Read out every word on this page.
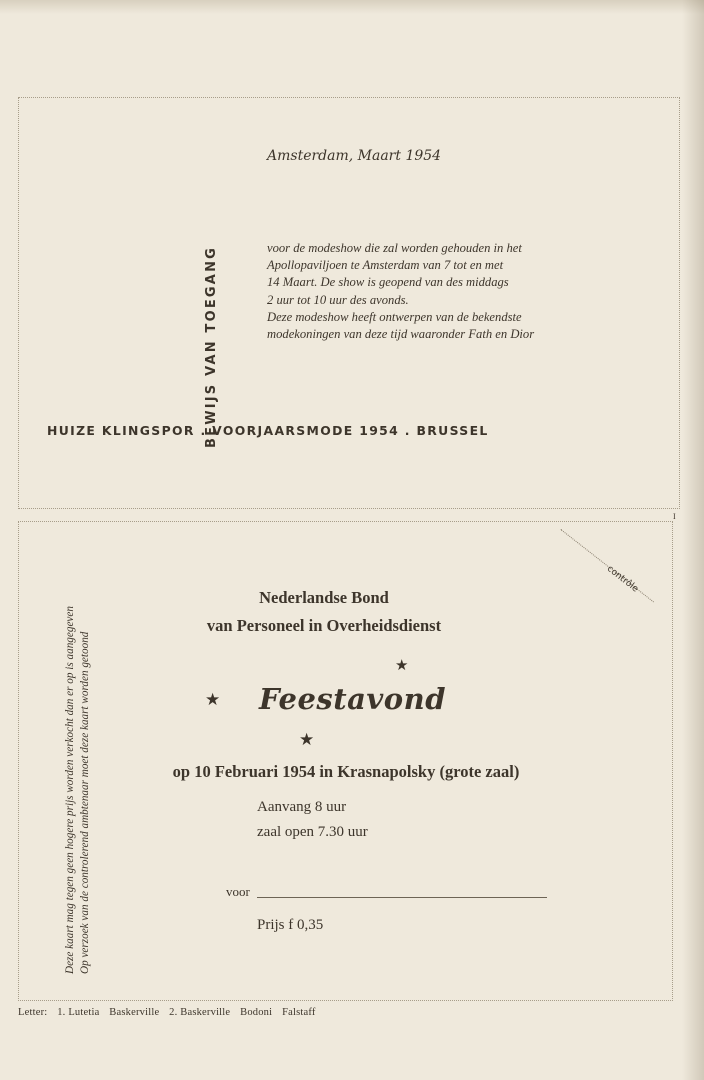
BEWIJS VAN TOEGANG
Amsterdam, Maart 1954
voor de modeshow die zal worden gehouden in het
Apollopaviljoen te Amsterdam van 7 tot en met
14 Maart. De show is geopend van des middags
2 uur tot 10 uur des avonds.
Deze modeshow heeft ontwerpen van de bekendste
modekoningen van deze tijd waaronder Fath en Dior
HUIZE KLINGSPOR . VOORJAARSMODE 1954 . BRUSSEL
I
Deze kaart mag tegen geen hogere prijs worden verkocht dan er op is aangegeven Op verzoek van de controlerend ambtenaar moet deze kaart worden getoond
contrôle
Nederlandse Bond
van Personeel in Overheidsdienst
★
★ Feestavond
★
op 10 Februari 1954 in Krasnapolsky (grote zaal)
Aanvang 8 uur
zaal open 7.30 uur
voor
Prijs f 0,35
Letter: 1. Lutetia Baskerville 2. Baskerville Bodoni Falstaff
